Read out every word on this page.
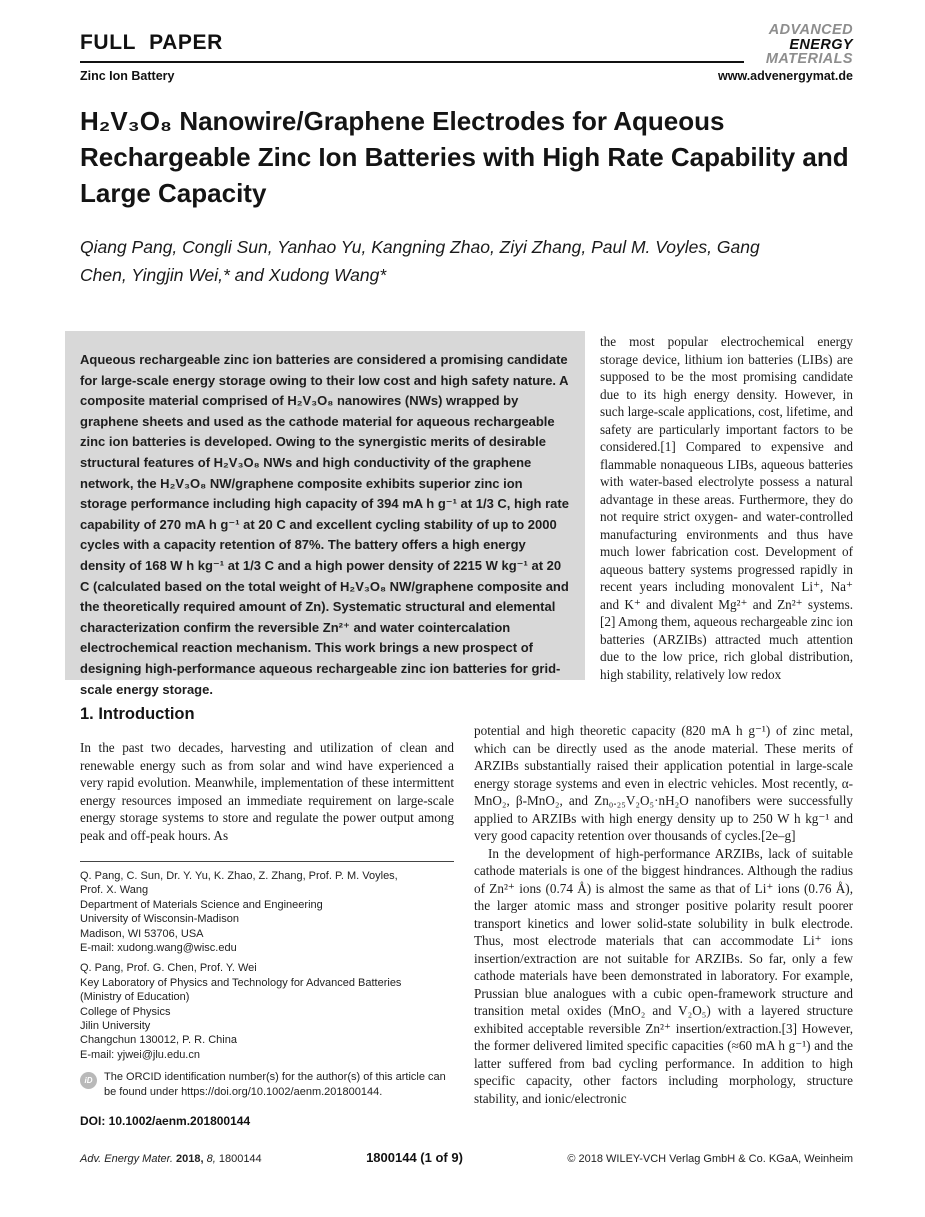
FULL PAPER
ADVANCED
ENERGY
MATERIALS
Zinc Ion Battery	www.advenergymat.de
H₂V₃O₈ Nanowire/Graphene Electrodes for Aqueous Rechargeable Zinc Ion Batteries with High Rate Capability and Large Capacity
Qiang Pang, Congli Sun, Yanhao Yu, Kangning Zhao, Ziyi Zhang, Paul M. Voyles, Gang Chen, Yingjin Wei,* and Xudong Wang*

Aqueous rechargeable zinc ion batteries are considered a promising candidate for large-scale energy storage owing to their low cost and high safety nature. A composite material comprised of H₂V₃O₈ nanowires (NWs) wrapped by graphene sheets and used as the cathode material for aqueous rechargeable zinc ion batteries is developed. Owing to the synergistic merits of desirable structural features of H₂V₃O₈ NWs and high conductivity of the graphene network, the H₂V₃O₈ NW/graphene composite exhibits superior zinc ion storage performance including high capacity of 394 mA h g⁻¹ at 1/3 C, high rate capability of 270 mA h g⁻¹ at 20 C and excellent cycling stability of up to 2000 cycles with a capacity retention of 87%. The battery offers a high energy density of 168 W h kg⁻¹ at 1/3 C and a high power density of 2215 W kg⁻¹ at 20 C (calculated based on the total weight of H₂V₃O₈ NW/graphene composite and the theoretically required amount of Zn). Systematic structural and elemental characterization confirm the reversible Zn²⁺ and water cointercalation electrochemical reaction mechanism. This work brings a new prospect of designing high-performance aqueous rechargeable zinc ion batteries for grid-scale energy storage.

the most popular electrochemical energy storage device, lithium ion batteries (LIBs) are supposed to be the most promising candidate due to its high energy density. However, in such large-scale applications, cost, lifetime, and safety are particularly important factors to be considered.[1] Compared to expensive and flammable nonaqueous LIBs, aqueous batteries with water-based electrolyte possess a natural advantage in these areas. Furthermore, they do not require strict oxygen- and water-controlled manufacturing environments and thus have much lower fabrication cost. Development of aqueous battery systems progressed rapidly in recent years including monovalent Li⁺, Na⁺ and K⁺ and divalent Mg²⁺ and Zn²⁺ systems.[2] Among them, aqueous rechargeable zinc ion batteries (ARZIBs) attracted much attention due to the low price, rich global distribution, high stability, relatively low redox

potential and high theoretic capacity (820 mA h g⁻¹) of zinc metal, which can be directly used as the anode material. These merits of ARZIBs substantially raised their application potential in large-scale energy storage systems and even in electric vehicles. Most recently, α-MnO₂, β-MnO₂, and Zn₀.₂₅V₂O₅·nH₂O nanofibers were successfully applied to ARZIBs with high energy density up to 250 W h kg⁻¹ and very good capacity retention over thousands of cycles.[2e–g]

In the development of high-performance ARZIBs, lack of suitable cathode materials is one of the biggest hindrances. Although the radius of Zn²⁺ ions (0.74 Å) is almost the same as that of Li⁺ ions (0.76 Å), the larger atomic mass and stronger positive polarity result poorer transport kinetics and lower solid-state solubility in bulk electrode. Thus, most electrode materials that can accommodate Li⁺ ions insertion/extraction are not suitable for ARZIBs. So far, only a few cathode materials have been demonstrated in laboratory. For example, Prussian blue analogues with a cubic open-framework structure and transition metal oxides (MnO₂ and V₂O₅) with a layered structure exhibited acceptable reversible Zn²⁺ insertion/extraction.[3] However, the former delivered limited specific capacities (≈60 mA h g⁻¹) and the latter suffered from bad cycling performance. In addition to high specific capacity, other factors including morphology, structure stability, and ionic/electronic

1. Introduction

In the past two decades, harvesting and utilization of clean and renewable energy such as from solar and wind have experienced a very rapid evolution. Meanwhile, implementation of these intermittent energy resources imposed an immediate requirement on large-scale energy storage systems to store and regulate the power output among peak and off-peak hours. As

Q. Pang, C. Sun, Dr. Y. Yu, K. Zhao, Z. Zhang, Prof. P. M. Voyles,
Prof. X. Wang
Department of Materials Science and Engineering
University of Wisconsin-Madison
Madison, WI 53706, USA
E-mail: xudong.wang@wisc.edu
Q. Pang, Prof. G. Chen, Prof. Y. Wei
Key Laboratory of Physics and Technology for Advanced Batteries
(Ministry of Education)
College of Physics
Jilin University
Changchun 130012, P. R. China
E-mail: yjwei@jlu.edu.cn
iD	The ORCID identification number(s) for the author(s) of this article can be found under https://doi.org/10.1002/aenm.201800144.
DOI: 10.1002/aenm.201800144
Adv. Energy Mater. 2018, 8, 1800144	1800144 (1 of 9)	© 2018 WILEY-VCH Verlag GmbH & Co. KGaA, Weinheim
